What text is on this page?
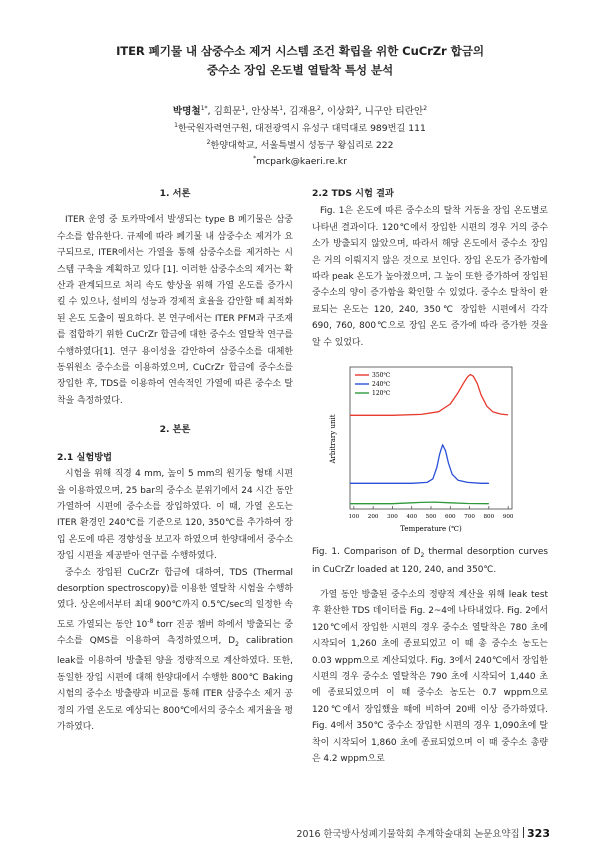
ITER 폐기물 내 삼중수소 제거 시스템 조건 확립을 위한 CuCrZr 합금의
중수소 장입 온도별 열탈착 특성 분석
박명철$^{1*}$, 김희문$^1$, 안상복$^1$, 김재용$^2$, 이상화$^2$, 니구안 티란안$^2$
$^1$한국원자력연구원, 대전광역시 유성구 대덕대로 989번길 111
$^2$한양대학교, 서울특별시 성동구 왕십리로 222
*mcpark@kaeri.re.kr

1. 서론

ITER 운영 중 토카막에서 발생되는 type B 폐기물은 삼중수소를 함유한다. 규제에 따라 폐기물 내 삼중수소 제거가 요구되므로, ITER에서는 가열을 통해 삼중수소를 제거하는 시스템 구축을 계획하고 있다 [1]. 이러한 삼중수소의 제거는 확산과 관계되므로 처리 속도 향상을 위해 가열 온도를 증가시킬 수 있으나, 설비의 성능과 경제적 효율을 감안할 때 최적화된 온도 도출이 필요하다. 본 연구에서는 ITER PFM과 구조재를 접합하기 위한 CuCrZr 합금에 대한 중수소 열탈착 연구를 수행하였다[1]. 연구 용이성을 감안하여 삼중수소를 대체한 동위원소 중수소를 이용하였으며, CuCrZr 합금에 중수소를 장입한 후, TDS를 이용하여 연속적인 가열에 따른 중수소 탈착을 측정하였다.

2. 본론

2.1 실험방법

시험을 위해 직경 4 mm, 높이 5 mm의 원기둥 형태 시편을 이용하였으며, 25 bar의 중수소 분위기에서 24 시간 동안 가열하여 시편에 중수소를 장입하였다. 이 때, 가열 온도는 ITER 환경인 240℃를 기준으로 120, 350℃를 추가하여 장입 온도에 따른 경향성을 보고자 하였으며 한양대에서 중수소 장입 시편을 제공받아 연구를 수행하였다.

중수소 장입된 CuCrZr 합금에 대하여, TDS (Thermal desorption spectroscopy)를 이용한 열탈착 시험을 수행하였다. 상온에서부터 최대 900℃까지 0.5℃/sec의 일정한 속도로 가열되는 동안 $10^{-8}$ torr 진공 챔버 하에서 방출되는 중수소를 QMS를 이용하여 측정하였으며, $D_2$ calibration leak를 이용하여 방출된 양을 정량적으로 계산하였다. 또한, 동일한 장입 시편에 대해 한양대에서 수행한 800℃ Baking 시험의 중수소 방출량과 비교를 통해 ITER 삼중수소 제거 공정의 가열 온도로 예상되는 800℃에서의 중수소 제거율을 평가하였다.

2.2 TDS 시험 결과

Fig. 1은 온도에 따른 중수소의 탈착 거동을 장입 온도별로 나타낸 결과이다. 120℃에서 장입한 시편의 경우 거의 중수소가 방출되지 않았으며, 따라서 해당 온도에서 중수소 장입은 거의 이뤄지지 않은 것으로 보인다. 장입 온도가 증가함에 따라 peak 온도가 높아졌으며, 그 높이 또한 증가하여 장입된 중수소의 양이 증가함을 확인할 수 있었다. 중수소 탈착이 완료되는 온도는 120, 240, 350℃ 장입한 시편에서 각각 690, 760, 800℃으로 장입 온도 증가에 따라 증가한 것을 알 수 있었다.

100 200 300 400 500 600 700 800 900
350℃
240℃
120℃
Temperature (℃)
Arbitrary unit
Fig. 1. Comparison of $D_2$ thermal desorption curves in CuCrZr loaded at 120, 240, and 350℃.

가열 동안 방출된 중수소의 정량적 계산을 위해 leak test 후 환산한 TDS 데이터를 Fig. 2~4에 나타내었다. Fig. 2에서 120℃에서 장입한 시편의 경우 중수소 열탈착은 780 초에 시작되어 1,260 초에 종료되었고 이 때 총 중수소 농도는 0.03 wppm으로 계산되었다. Fig. 3에서 240℃에서 장입한 시편의 경우 중수소 열탈착은 790 초에 시작되어 1,440 초에 종료되었으며 이 때 중수소 농도는 0.7 wppm으로 120℃에서 장입했을 때에 비하여 20배 이상 증가하였다. Fig. 4에서 350℃ 중수소 장입한 시편의 경우 1,090초에 탈착이 시작되어 1,860 초에 종료되었으며 이 때 중수소 총량은 4.2 wppm으로

2016 한국방사성폐기물학회 추계학술대회 논문요약집 323
